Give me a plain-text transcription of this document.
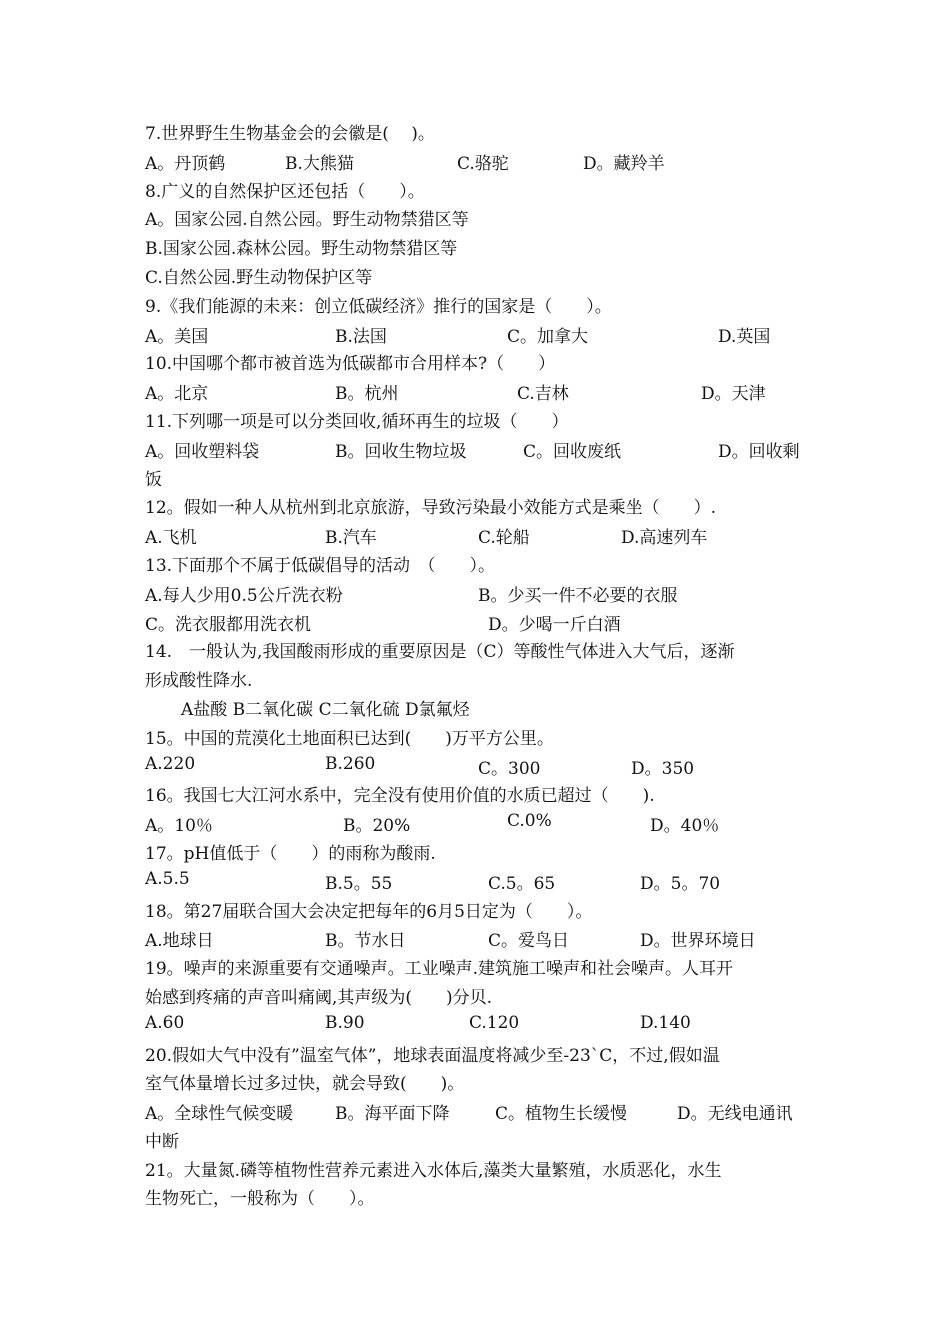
7.世界野生生物基金会的会徽是(　 )。
A。丹顶鹤	B.大熊猫	C.骆驼	D。藏羚羊
8.广义的自然保护区还包括（　　）。
A。国家公园.自然公园。野生动物禁猎区等
B.国家公园.森林公园。野生动物禁猎区等
C.自然公园.野生动物保护区等
9.《我们能源的未来：创立低碳经济》推行的国家是（　　）。
A。美国	B.法国	C。加拿大	D.英国
10.中国哪个都市被首选为低碳都市合用样本?（　　）
A。北京	B。杭州	C.吉林	D。天津
11.下列哪一项是可以分类回收,循环再生的垃圾（　　）
A。回收塑料袋	B。回收生物垃圾	C。回收废纸	D。回收剩
饭
12。假如一种人从杭州到北京旅游，导致污染最小效能方式是乘坐（　　）.
A.飞机	B.汽车	C.轮船	D.高速列车
13.下面那个不属于低碳倡导的活动　（　　）。
A.每人少用0.5公斤洗衣粉	B。少买一件不必要的衣服
C。洗衣服都用洗衣机	D。少喝一斤白酒
14.　一般认为,我国酸雨形成的重要原因是（C）等酸性气体进入大气后，逐渐
形成酸性降水.
A盐酸 B二氧化碳 C二氧化硫 D氯氟烃
15。中国的荒漠化土地面积已达到(　　)万平方公里。
A.220	B.260	C。300	D。350
16。我国七大江河水系中，完全没有使用价值的水质已超过（　　).
A。10％	B。20%	C.0%	D。40％
17。pH值低于（　　）的雨称为酸雨.
A.5.5	B.5。55	C.5。65	D。5。70
18。第27届联合国大会决定把每年的6月5日定为（　　）。
A.地球日	B。节水日	C。爱鸟日	D。世界环境日
19。噪声的来源重要有交通噪声。工业噪声.建筑施工噪声和社会噪声。人耳开
始感到疼痛的声音叫痛阈,其声级为(　　)分贝.
A.60	B.90	C.120	D.140
20.假如大气中没有”温室气体”，地球表面温度将减少至-23`C，不过,假如温
室气体量增长过多过快，就会导致(　　)。
A。全球性气候变暖 B。海平面下降	C。植物生长缓慢	D。无线电通讯
中断
21。大量氮.磷等植物性营养元素进入水体后,藻类大量繁殖，水质恶化，水生
生物死亡，一般称为（　　）。
